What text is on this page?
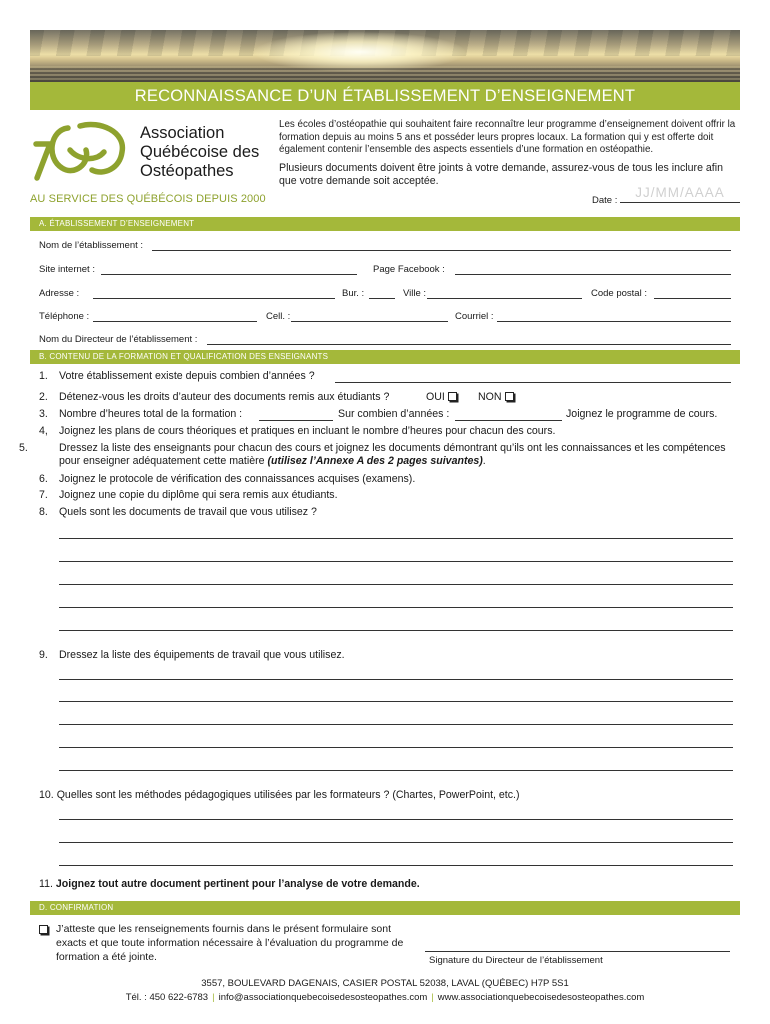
RECONNAISSANCE D’UN ÉTABLISSEMENT D’ENSEIGNEMENT
Association
Québécoise des
Ostéopathes
AU SERVICE DES QUÉBÉCOIS DEPUIS 2000

Les écoles d’ostéopathie qui souhaitent faire reconnaître leur programme d’enseignement doivent offrir la formation depuis au moins 5 ans et posséder leurs propres locaux. La formation qui y est offerte doit également contenir l’ensemble des aspects essentiels d’une formation en ostéopathie.

Plusieurs documents doivent être joints à votre demande, assurez-vous de tous les inclure afin que votre demande soit acceptée.

Date :
JJ/MM/AAAA
A. ÉTABLISSEMENT D’ENSEIGNEMENT
Nom de l’établissement :
Site internet :	Page Facebook :
Adresse :	Bur. :	Ville :	Code postal :
Téléphone :	Cell. :	Courriel :
Nom du Directeur de l’établissement :
B. CONTENU DE LA FORMATION ET QUALIFICATION DES ENSEIGNANTS
1. Votre établissement existe depuis combien d’années ?
2. Détenez-vous les droits d’auteur des documents remis aux étudiants ?	OUI	NON
3. Nombre d’heures total de la formation :	Sur combien d’années :	Joignez le programme de cours.
4, Joignez les plans de cours théoriques et pratiques en incluant le nombre d’heures pour chacun des cours.
5.	Dressez la liste des enseignants pour chacun des cours et joignez les documents démontrant qu’ils ont les connaissances et les compétences pour enseigner adéquatement cette matière (utilisez l’Annexe A des 2 pages suivantes).
6. Joignez le protocole de vérification des connaissances acquises (examens).
7. Joignez une copie du diplôme qui sera remis aux étudiants.
8. Quels sont les documents de travail que vous utilisez ?
9. Dressez la liste des équipements de travail que vous utilisez.
10. Quelles sont les méthodes pédagogiques utilisées par les formateurs ? (Chartes, PowerPoint, etc.)
11. Joignez tout autre document pertinent pour l’analyse de votre demande.
D. CONFIRMATION
J’atteste que les renseignements fournis dans le présent formulaire sont exacts et que toute information nécessaire à l’évaluation du programme de formation a été jointe.	Signature du Directeur de l’établissement
3557, BOULEVARD DAGENAIS, CASIER POSTAL 52038, LAVAL (QUÉBEC) H7P 5S1
Tél. : 450 622-6783 | info@associationquebecoisedesosteopathes.com | www.associationquebecoisedesosteopathes.com
